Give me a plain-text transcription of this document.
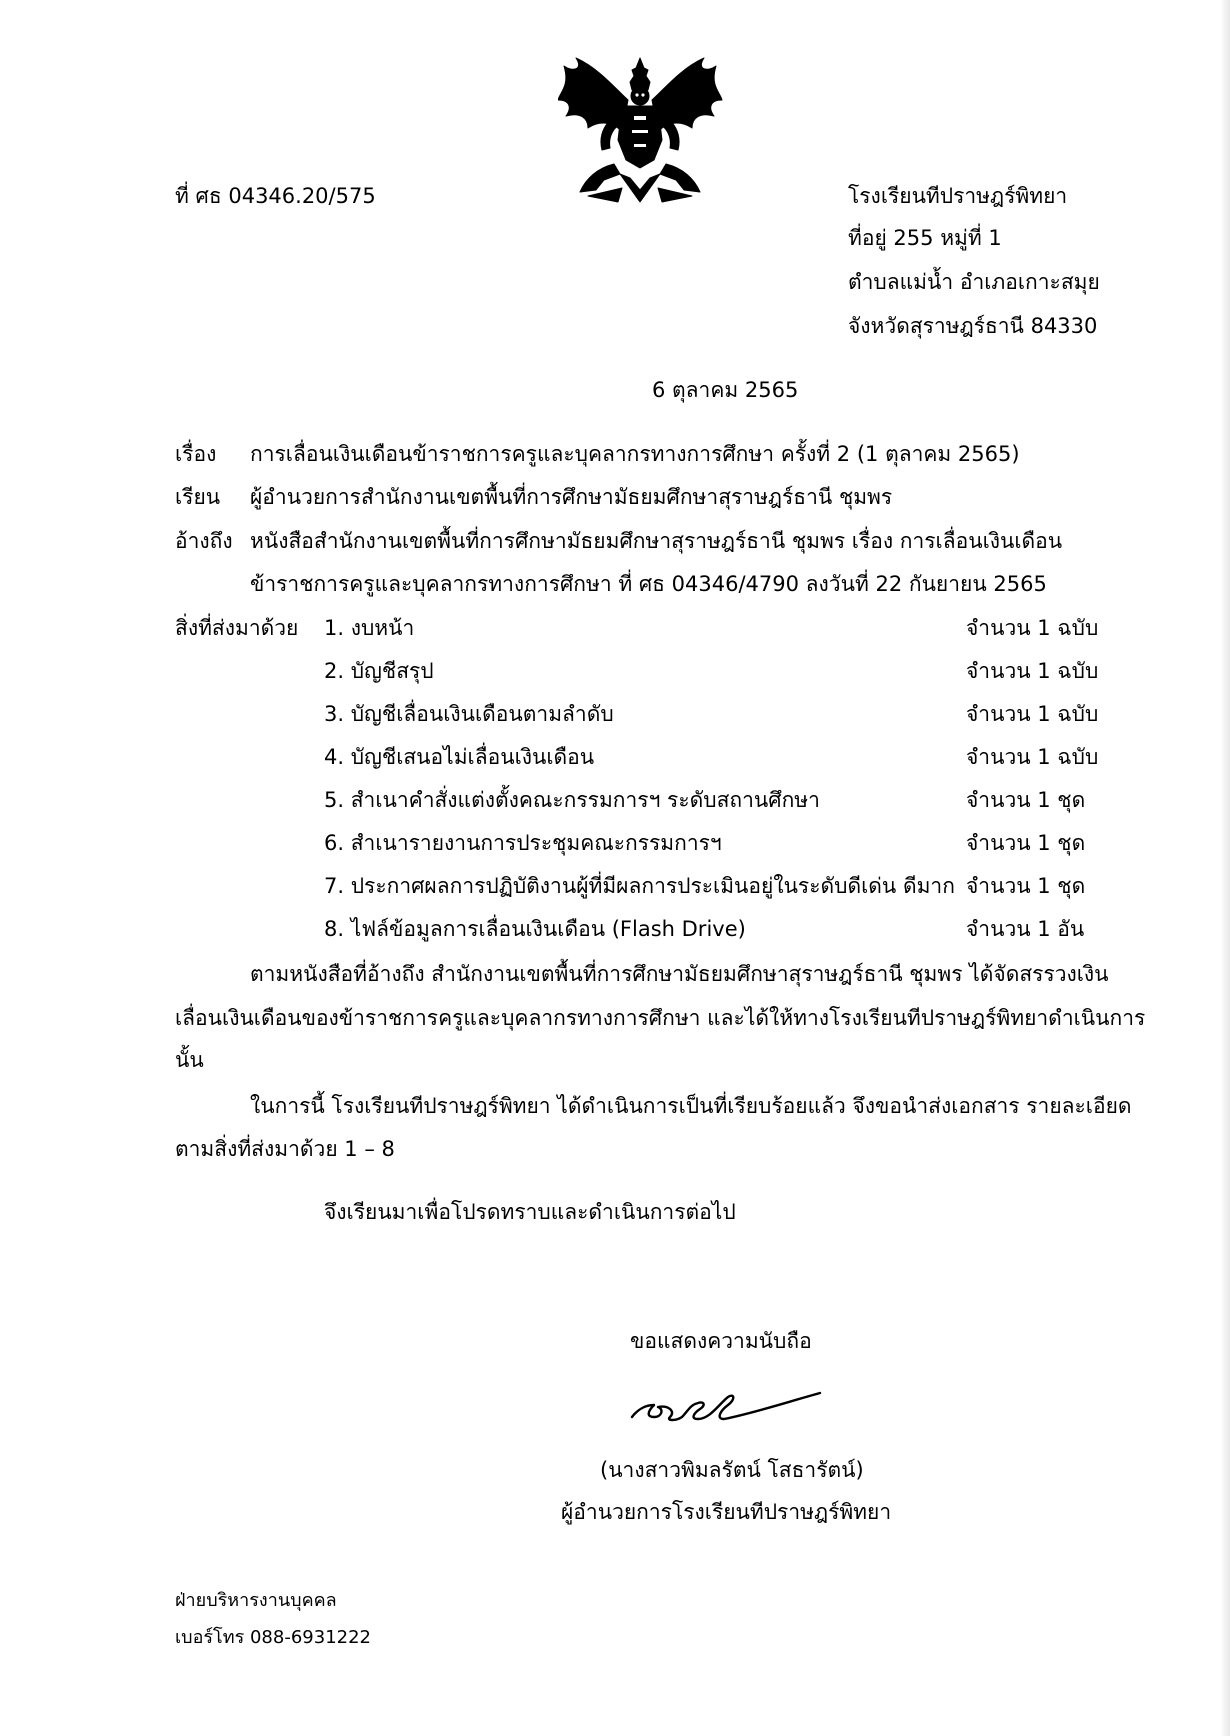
ที่ ศธ 04346.20/575	โรงเรียนทีปราษฎร์พิทยา
ที่อยู่ 255 หมู่ที่ 1
ตำบลแม่น้ำ อำเภอเกาะสมุย
จังหวัดสุราษฎร์ธานี 84330
6 ตุลาคม 2565
เรื่อง การเลื่อนเงินเดือนข้าราชการครูและบุคลากรทางการศึกษา ครั้งที่ 2 (1 ตุลาคม 2565)
เรียน ผู้อำนวยการสำนักงานเขตพื้นที่การศึกษามัธยมศึกษาสุราษฎร์ธานี ชุมพร
อ้างถึง หนังสือสำนักงานเขตพื้นที่การศึกษามัธยมศึกษาสุราษฎร์ธานี ชุมพร เรื่อง การเลื่อนเงินเดือน
ข้าราชการครูและบุคลากรทางการศึกษา ที่ ศธ 04346/4790 ลงวันที่ 22 กันยายน 2565
สิ่งที่ส่งมาด้วย 1. งบหน้า	จำนวน 1 ฉบับ
2. บัญชีสรุป	จำนวน 1 ฉบับ
3. บัญชีเลื่อนเงินเดือนตามลำดับ	จำนวน 1 ฉบับ
4. บัญชีเสนอไม่เลื่อนเงินเดือน	จำนวน 1 ฉบับ
5. สำเนาคำสั่งแต่งตั้งคณะกรรมการฯ ระดับสถานศึกษา	จำนวน 1 ชุด
6. สำเนารายงานการประชุมคณะกรรมการฯ	จำนวน 1 ชุด
7. ประกาศผลการปฏิบัติงานผู้ที่มีผลการประเมินอยู่ในระดับดีเด่น ดีมาก จำนวน 1 ชุด
8. ไฟล์ข้อมูลการเลื่อนเงินเดือน (Flash Drive)	จำนวน 1 อัน
ตามหนังสือที่อ้างถึง สำนักงานเขตพื้นที่การศึกษามัธยมศึกษาสุราษฎร์ธานี ชุมพร ได้จัดสรรวงเงิน
เลื่อนเงินเดือนของข้าราชการครูและบุคลากรทางการศึกษา และได้ให้ทางโรงเรียนทีปราษฎร์พิทยาดำเนินการ
นั้น
ในการนี้ โรงเรียนทีปราษฎร์พิทยา ได้ดำเนินการเป็นที่เรียบร้อยแล้ว จึงขอนำส่งเอกสาร รายละเอียด
ตามสิ่งที่ส่งมาด้วย 1 – 8
จึงเรียนมาเพื่อโปรดทราบและดำเนินการต่อไป
ขอแสดงความนับถือ
(นางสาวพิมลรัตน์ โสธารัตน์)
ผู้อำนวยการโรงเรียนทีปราษฎร์พิทยา
ฝ่ายบริหารงานบุคคล
เบอร์โทร 088-6931222
